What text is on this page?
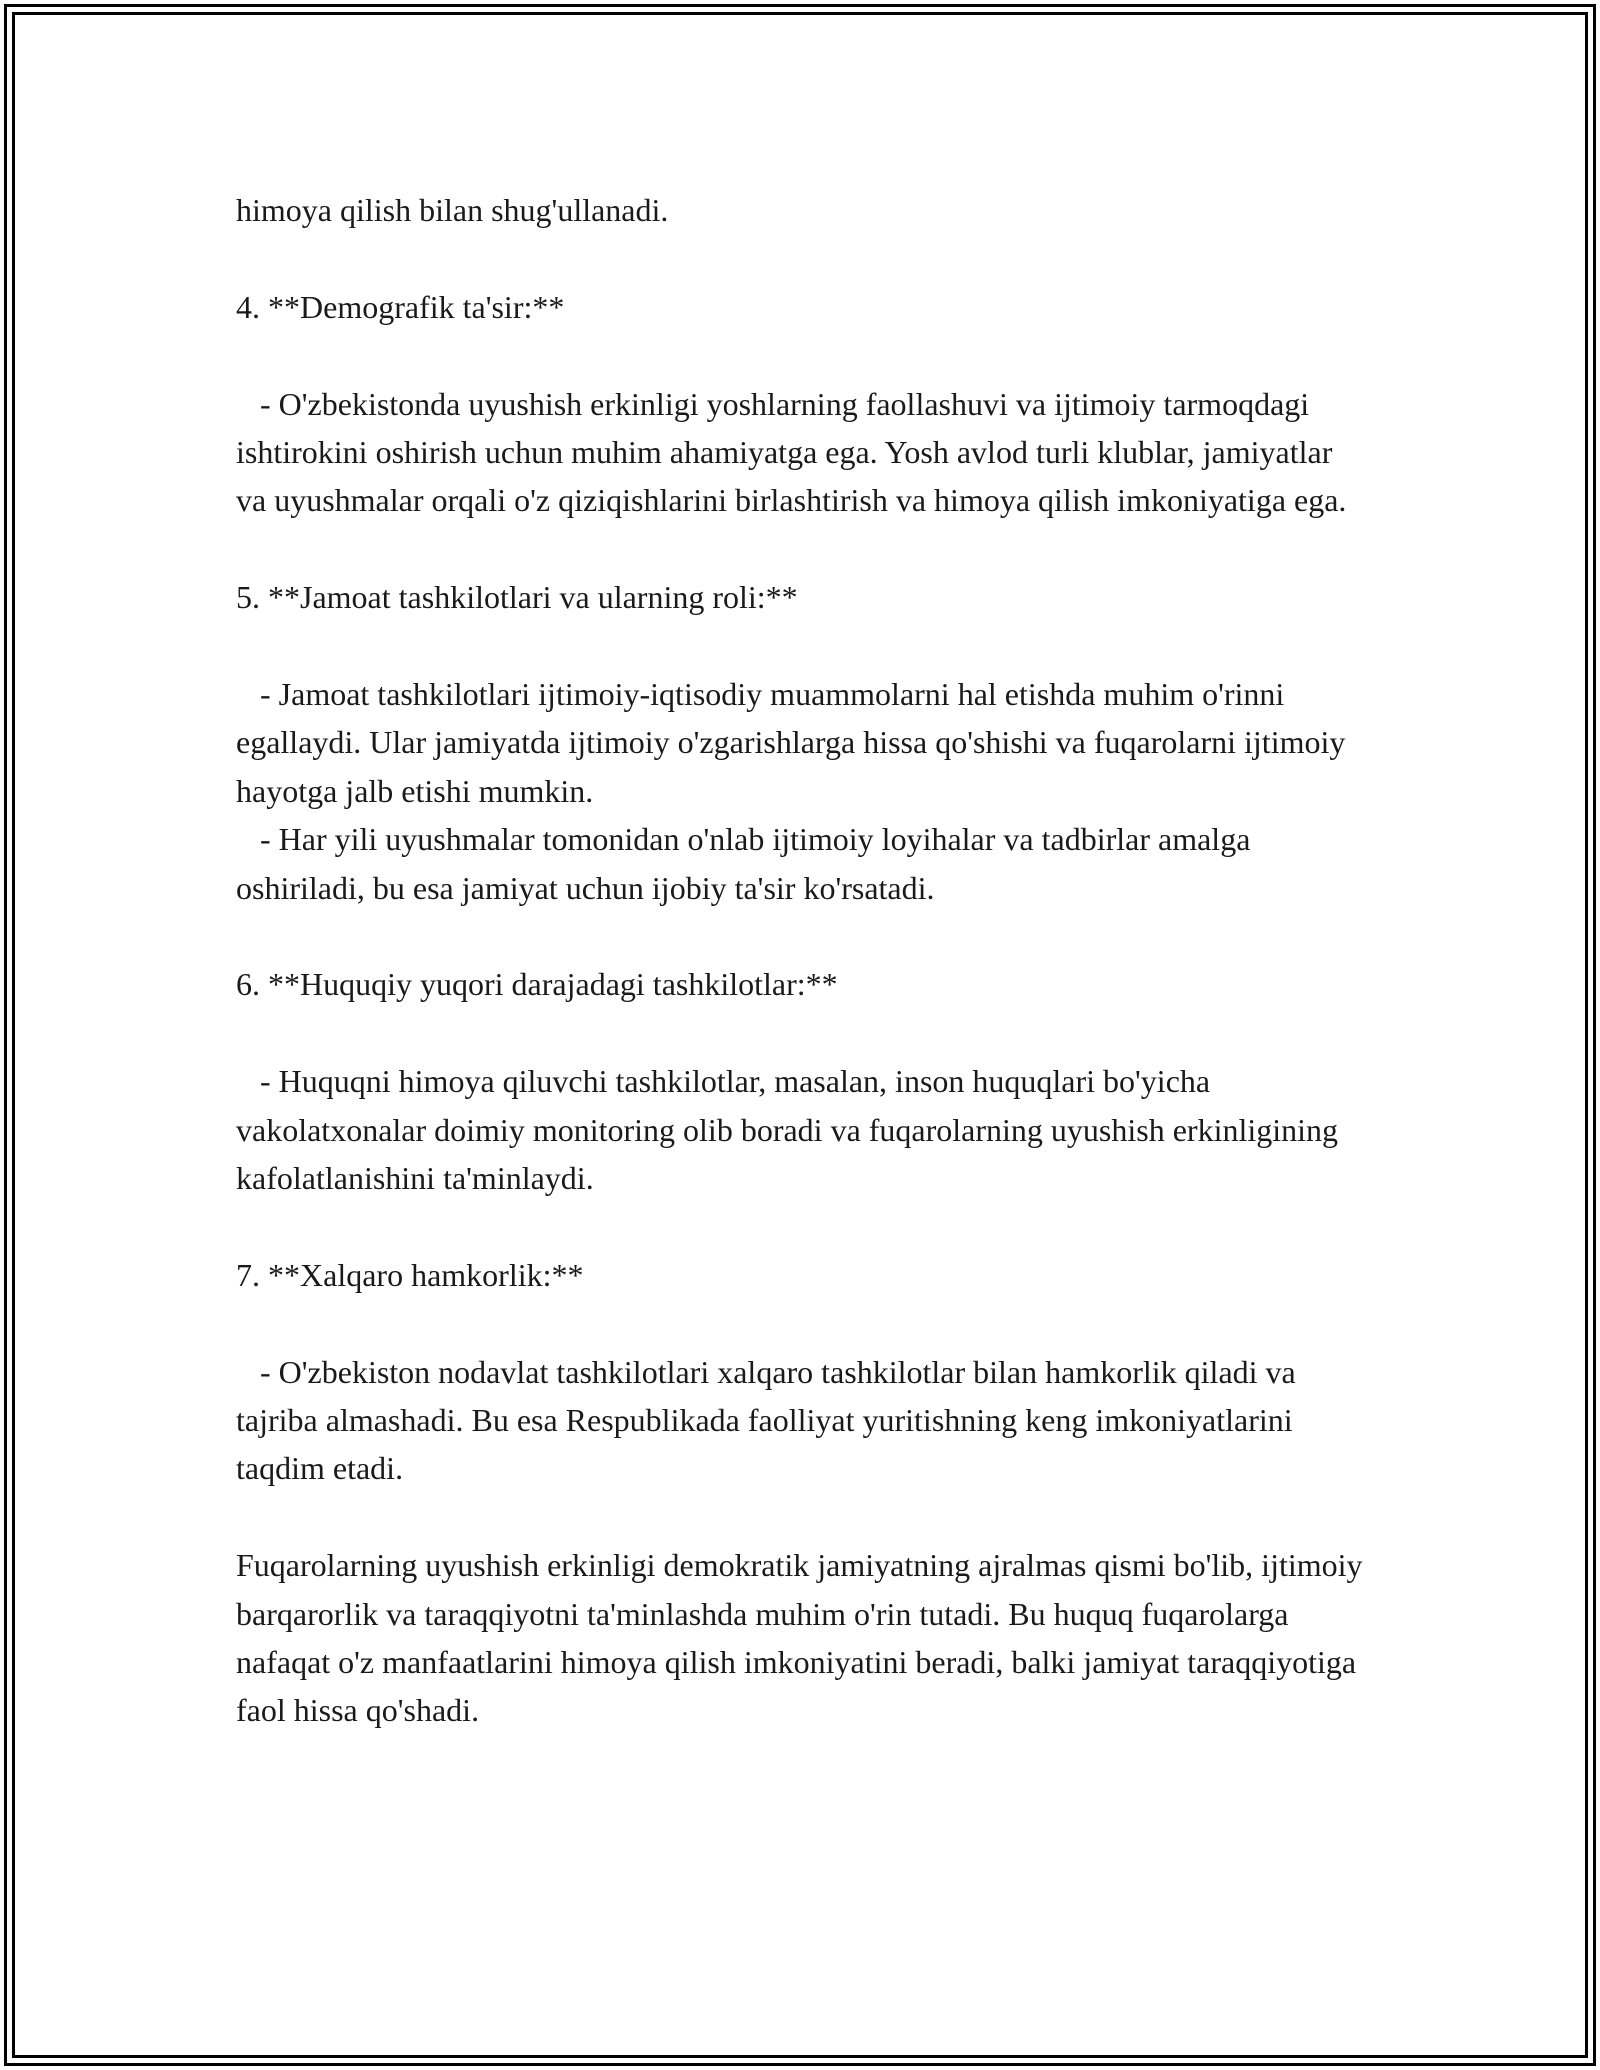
himoya qilish bilan shug'ullanadi.

4. **Demografik ta'sir:**

- O'zbekistonda uyushish erkinligi yoshlarning faollashuvi va ijtimoiy tarmoqdagi ishtirokini oshirish uchun muhim ahamiyatga ega. Yosh avlod turli klublar, jamiyatlar va uyushmalar orqali o'z qiziqishlarini birlashtirish va himoya qilish imkoniyatiga ega.

5. **Jamoat tashkilotlari va ularning roli:**

- Jamoat tashkilotlari ijtimoiy-iqtisodiy muammolarni hal etishda muhim o'rinni egallaydi. Ular jamiyatda ijtimoiy o'zgarishlarga hissa qo'shishi va fuqarolarni ijtimoiy hayotga jalb etishi mumkin.

- Har yili uyushmalar tomonidan o'nlab ijtimoiy loyihalar va tadbirlar amalga oshiriladi, bu esa jamiyat uchun ijobiy ta'sir ko'rsatadi.

6. **Huquqiy yuqori darajadagi tashkilotlar:**

- Huquqni himoya qiluvchi tashkilotlar, masalan, inson huquqlari bo'yicha vakolatxonalar doimiy monitoring olib boradi va fuqarolarning uyushish erkinligining kafolatlanishini ta'minlaydi.

7. **Xalqaro hamkorlik:**

- O'zbekiston nodavlat tashkilotlari xalqaro tashkilotlar bilan hamkorlik qiladi va tajriba almashadi. Bu esa Respublikada faolliyat yuritishning keng imkoniyatlarini taqdim etadi.

Fuqarolarning uyushish erkinligi demokratik jamiyatning ajralmas qismi bo'lib, ijtimoiy barqarorlik va taraqqiyotni ta'minlashda muhim o'rin tutadi. Bu huquq fuqarolarga nafaqat o'z manfaatlarini himoya qilish imkoniyatini beradi, balki jamiyat taraqqiyotiga faol hissa qo'shadi.
